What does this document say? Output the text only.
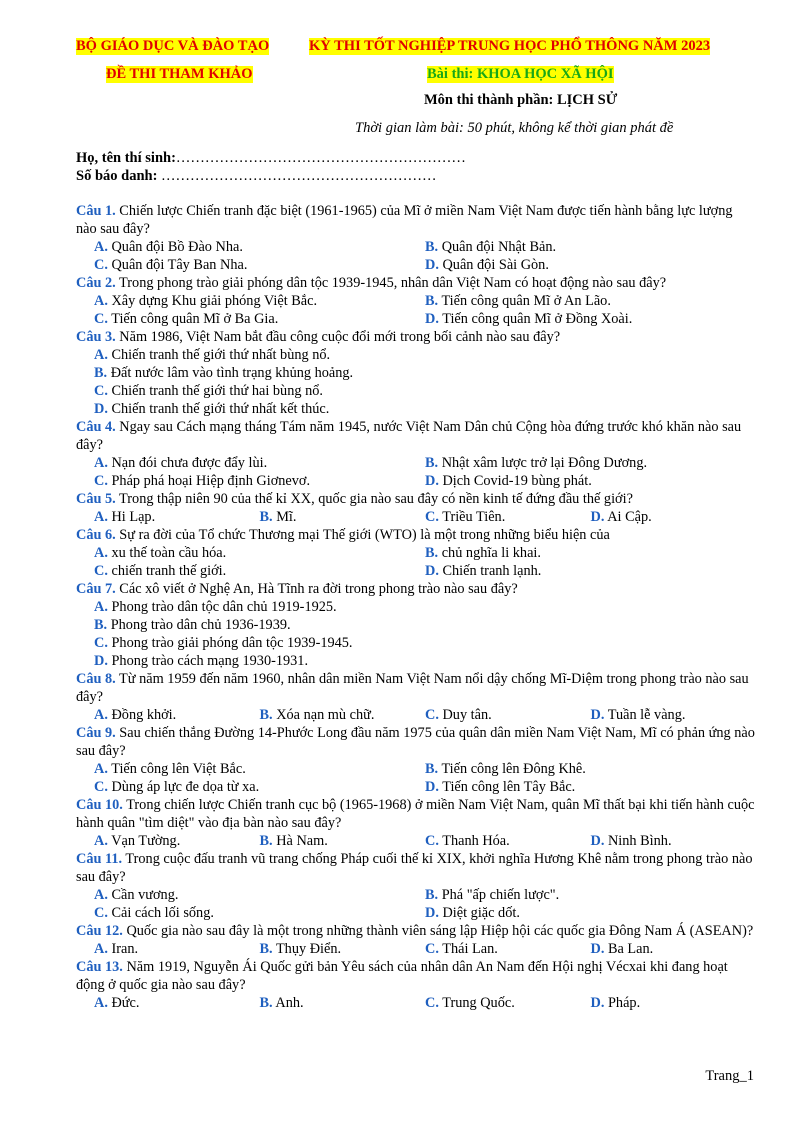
BỘ GIÁO DỤC VÀ ĐÀO TẠO	KỲ THI TỐT NGHIỆP TRUNG HỌC PHỔ THÔNG NĂM 2023
ĐỀ THI THAM KHẢO	Bài thi: KHOA HỌC XÃ HỘI
Môn thi thành phần: LỊCH SỬ
Thời gian làm bài: 50 phút, không kể thời gian phát đề
Họ, tên thí sinh:……………………………………………………
Số báo danh: …………………………………………………

Câu 1. Chiến lược Chiến tranh đặc biệt (1961-1965) của Mĩ ở miền Nam Việt Nam được tiến hành bằng lực lượng nào sau đây?

A. Quân đội Bồ Đào Nha.	B. Quân đội Nhật Bản.
C. Quân đội Tây Ban Nha.	D. Quân đội Sài Gòn.

Câu 2. Trong phong trào giải phóng dân tộc 1939-1945, nhân dân Việt Nam có hoạt động nào sau đây?

A. Xây dựng Khu giải phóng Việt Bắc.	B. Tiến công quân Mĩ ở An Lão.
C. Tiến công quân Mĩ ở Ba Gia.	D. Tiến công quân Mĩ ở Đồng Xoài.

Câu 3. Năm 1986, Việt Nam bắt đầu công cuộc đổi mới trong bối cảnh nào sau đây?

A. Chiến tranh thế giới thứ nhất bùng nổ.
B. Đất nước lâm vào tình trạng khủng hoảng.
C. Chiến tranh thế giới thứ hai bùng nổ.
D. Chiến tranh thế giới thứ nhất kết thúc.

Câu 4. Ngay sau Cách mạng tháng Tám năm 1945, nước Việt Nam Dân chủ Cộng hòa đứng trước khó khăn nào sau đây?

A. Nạn đói chưa được đẩy lùi.	B. Nhật xâm lược trở lại Đông Dương.
C. Pháp phá hoại Hiệp định Giơnevơ.	D. Dịch Covid-19 bùng phát.

Câu 5. Trong thập niên 90 của thế kỉ XX, quốc gia nào sau đây có nền kinh tế đứng đầu thế giới?

A. Hi Lạp.	B. Mĩ.	C. Triều Tiên.	D. Ai Cập.

Câu 6. Sự ra đời của Tổ chức Thương mại Thế giới (WTO) là một trong những biểu hiện của

A. xu thế toàn cầu hóa.	B. chủ nghĩa li khai.
C. chiến tranh thế giới.	D. Chiến tranh lạnh.

Câu 7. Các xô viết ở Nghệ An, Hà Tĩnh ra đời trong phong trào nào sau đây?

A. Phong trào dân tộc dân chủ 1919-1925.
B. Phong trào dân chủ 1936-1939.
C. Phong trào giải phóng dân tộc 1939-1945.
D. Phong trào cách mạng 1930-1931.

Câu 8. Từ năm 1959 đến năm 1960, nhân dân miền Nam Việt Nam nổi dậy chống Mĩ-Diệm trong phong trào nào sau đây?

A. Đồng khởi.	B. Xóa nạn mù chữ.	C. Duy tân.	D. Tuần lễ vàng.

Câu 9. Sau chiến thắng Đường 14-Phước Long đầu năm 1975 của quân dân miền Nam Việt Nam, Mĩ có phản ứng nào sau đây?

A. Tiến công lên Việt Bắc.	B. Tiến công lên Đông Khê.
C. Dùng áp lực đe dọa từ xa.	D. Tiến công lên Tây Bắc.

Câu 10. Trong chiến lược Chiến tranh cục bộ (1965-1968) ở miền Nam Việt Nam, quân Mĩ thất bại khi tiến hành cuộc hành quân "tìm diệt" vào địa bàn nào sau đây?

A. Vạn Tường.	B. Hà Nam.	C. Thanh Hóa.	D. Ninh Bình.

Câu 11. Trong cuộc đấu tranh vũ trang chống Pháp cuối thế kỉ XIX, khởi nghĩa Hương Khê nằm trong phong trào nào sau đây?

A. Cần vương.	B. Phá "ấp chiến lược".
C. Cải cách lối sống.	D. Diệt giặc dốt.

Câu 12. Quốc gia nào sau đây là một trong những thành viên sáng lập Hiệp hội các quốc gia Đông Nam Á (ASEAN)?

A. Iran.	B. Thụy Điển.	C. Thái Lan.	D. Ba Lan.

Câu 13. Năm 1919, Nguyễn Ái Quốc gửi bản Yêu sách của nhân dân An Nam đến Hội nghị Vécxai khi đang hoạt động ở quốc gia nào sau đây?

A. Đức.	B. Anh.	C. Trung Quốc.	D. Pháp.
Trang_1
